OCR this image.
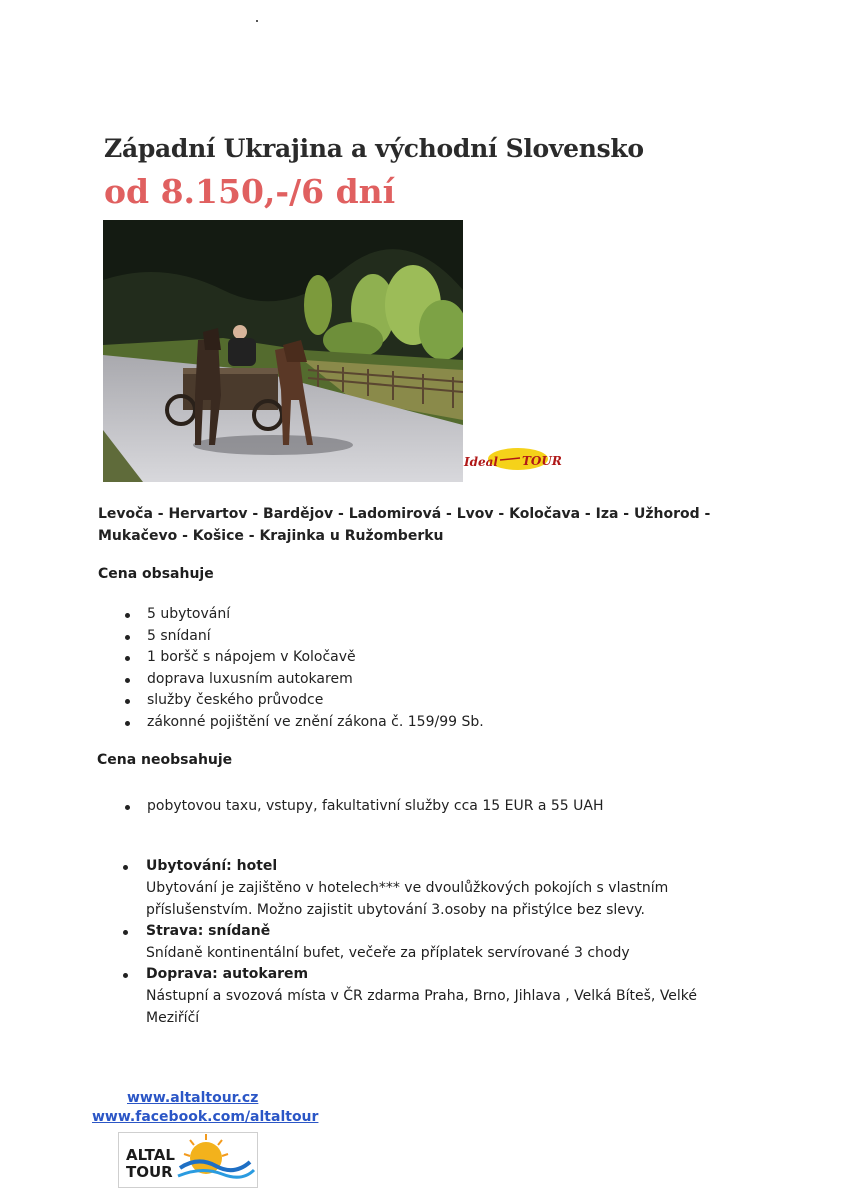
Západní Ukrajina a východní Slovensko
od 8.150,-/6 dní
Ideal TOUR

Levoča - Hervartov - Bardějov - Ladomirová - Lvov - Koločava - Iza - Užhorod - Mukačevo - Košice - Krajinka u Ružomberku

Cena obsahuje
5 ubytování
5 snídaní
1 boršč s nápojem v Koločavě
doprava luxusním autokarem
služby českého průvodce
zákonné pojištění ve znění zákona č. 159/99 Sb.
Cena neobsahuje
pobytovou taxu, vstupy, fakultativní služby cca 15 EUR a 55 UAH
Ubytování: hotel
Ubytování je zajištěno v hotelech*** ve dvoulůžkových pokojích s vlastním příslušenstvím. Možno zajistit ubytování 3.osoby na přistýlce bez slevy.
Strava: snídaně
Snídaně kontinentální bufet, večeře za příplatek servírované 3 chody
Doprava: autokarem
Nástupní a svozová místa v ČR zdarma Praha, Brno, Jihlava , Velká Bíteš, Velké Meziříčí
www.altaltour.cz
www.facebook.com/altaltour
ALTAL
TOUR
